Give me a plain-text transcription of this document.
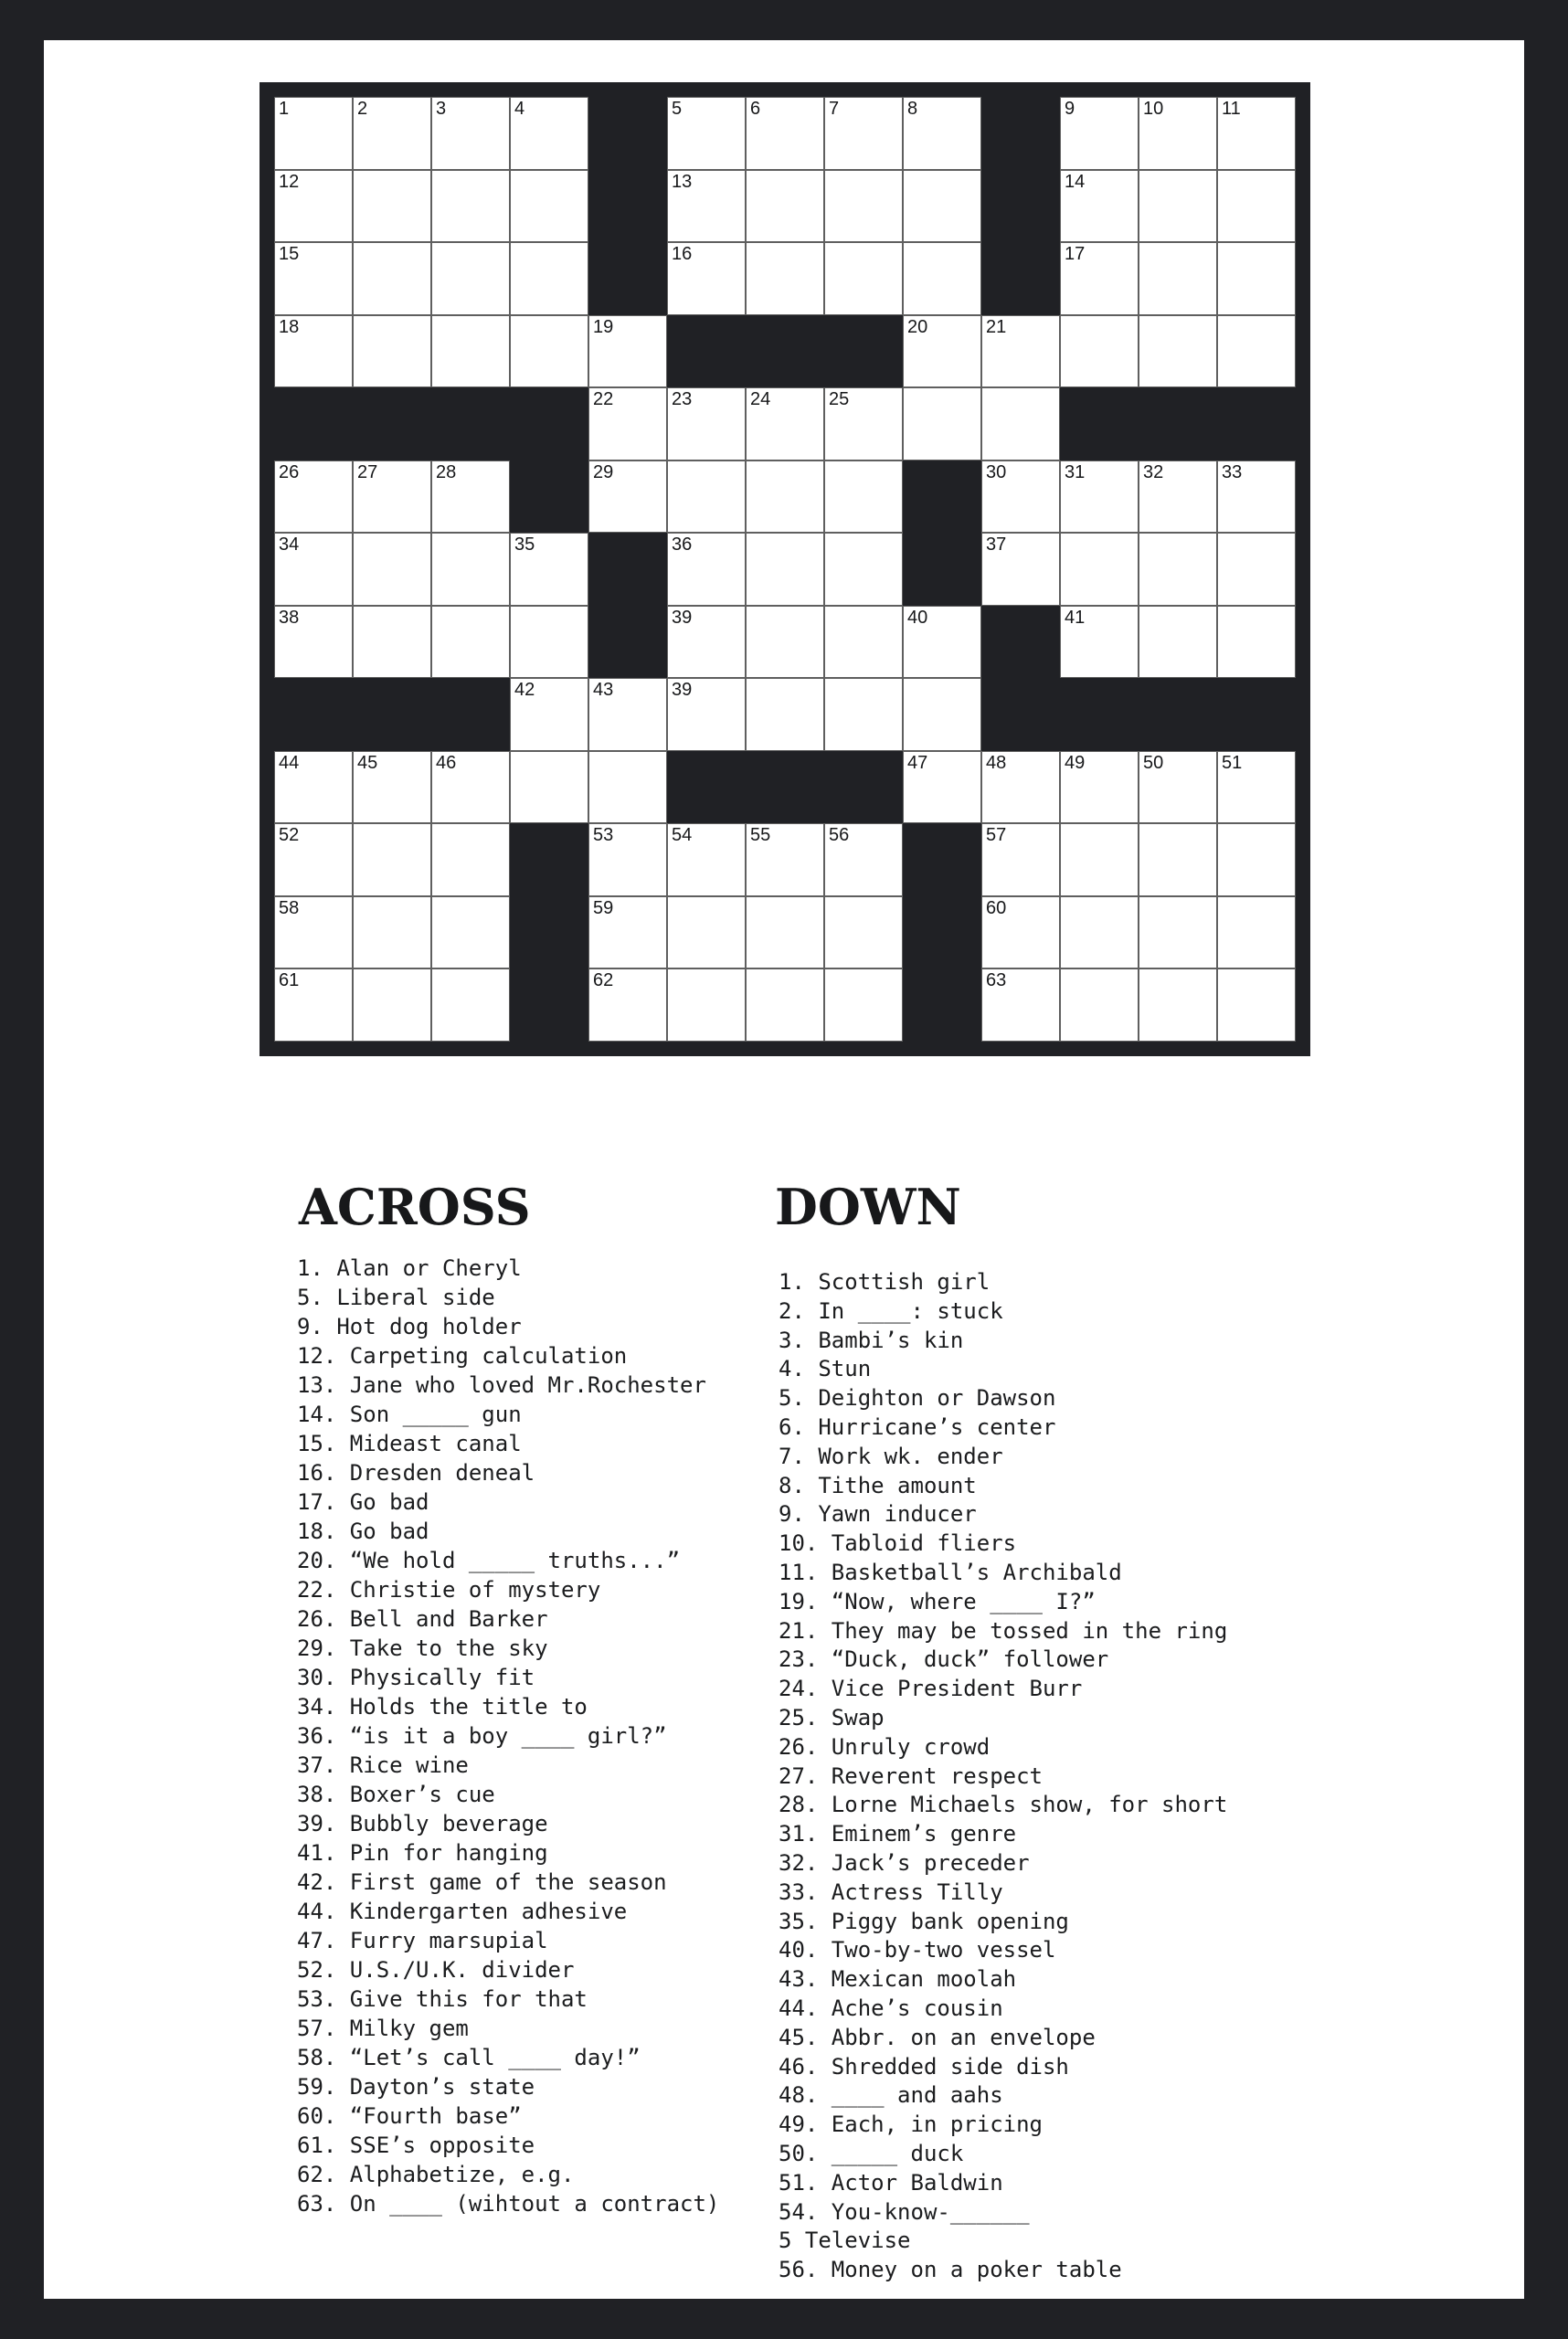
1	2	3	4	5	6	7	8	9	10	11
12	13	14
15	16	17
18	19	20	21
22	23	24	25
26	27	28	29	30	31	32	33
34	35	36	37
38	39	40	41
42	43	39
44	45	46	47	48	49	50	51
52	53	54	55	56	57
58	59	60
61	62	63
ACROSS	DOWN
1. Alan or Cheryl
5. Liberal side
9. Hot dog holder
12. Carpeting calculation
13. Jane who loved Mr.Rochester
14. Son _____ gun
15. Mideast canal
16. Dresden deneal
17. Go bad
18. Go bad
20. “We hold _____ truths...”
22. Christie of mystery
26. Bell and Barker
29. Take to the sky
30. Physically fit
34. Holds the title to
36. “is it a boy ____ girl?”
37. Rice wine
38. Boxer’s cue
39. Bubbly beverage
41. Pin for hanging
42. First game of the season
44. Kindergarten adhesive
47. Furry marsupial
52. U.S./U.K. divider
53. Give this for that
57. Milky gem
58. “Let’s call ____ day!”
59. Dayton’s state
60. “Fourth base”
61. SSE’s opposite
62. Alphabetize, e.g.
63. On ____ (wihtout a contract)
1. Scottish girl
2. In ____: stuck
3. Bambi’s kin
4. Stun
5. Deighton or Dawson
6. Hurricane’s center
7. Work wk. ender
8. Tithe amount
9. Yawn inducer
10. Tabloid fliers
11. Basketball’s Archibald
19. “Now, where ____ I?”
21. They may be tossed in the ring
23. “Duck, duck” follower
24. Vice President Burr
25. Swap
26. Unruly crowd
27. Reverent respect
28. Lorne Michaels show, for short
31. Eminem’s genre
32. Jack’s preceder
33. Actress Tilly
35. Piggy bank opening
40. Two-by-two vessel
43. Mexican moolah
44. Ache’s cousin
45. Abbr. on an envelope
46. Shredded side dish
48. ____ and aahs
49. Each, in pricing
50. _____ duck
51. Actor Baldwin
54. You-know-______
5 Televise
56. Money on a poker table
